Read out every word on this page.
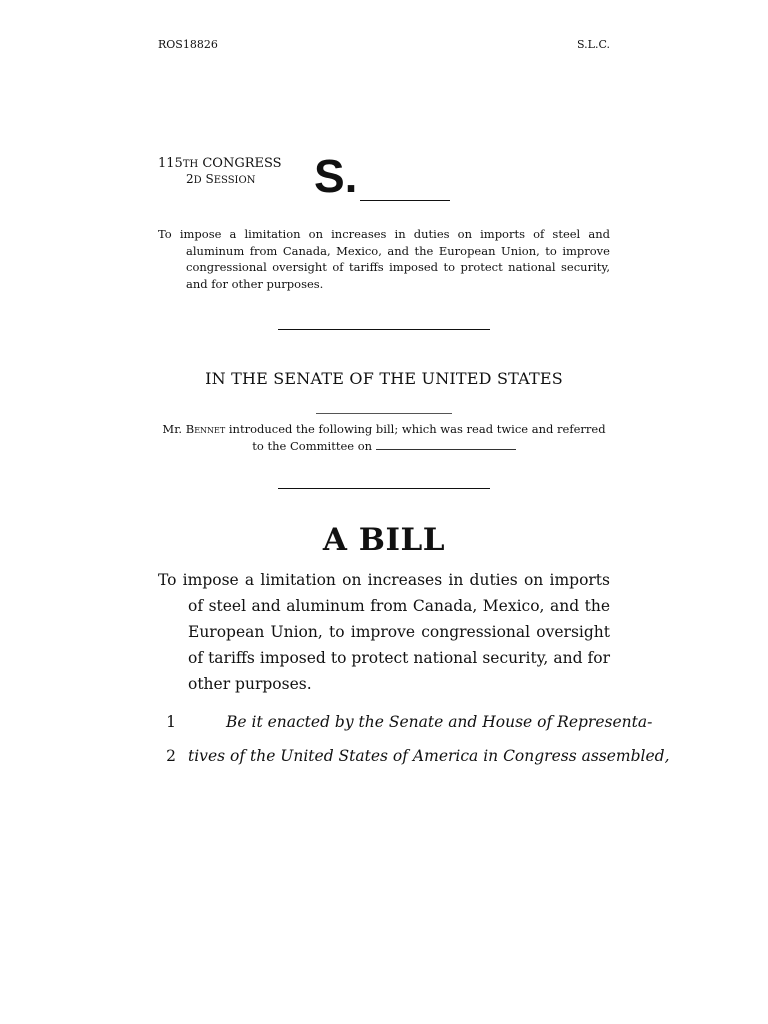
ROS18826	S.L.C.
115TH CONGRESS
2D SESSION S.
To impose a limitation on increases in duties on imports of steel and aluminum from Canada, Mexico, and the European Union, to improve congressional oversight of tariffs imposed to protect national security, and for other purposes.
IN THE SENATE OF THE UNITED STATES
Mr. Bennet introduced the following bill; which was read twice and referred to the Committee on
A BILL
To impose a limitation on increases in duties on imports of steel and aluminum from Canada, Mexico, and the European Union, to improve congressional oversight of tariffs imposed to protect national security, and for other purposes.
1	Be it enacted by the Senate and House of Representa-
2 tives of the United States of America in Congress assembled,
